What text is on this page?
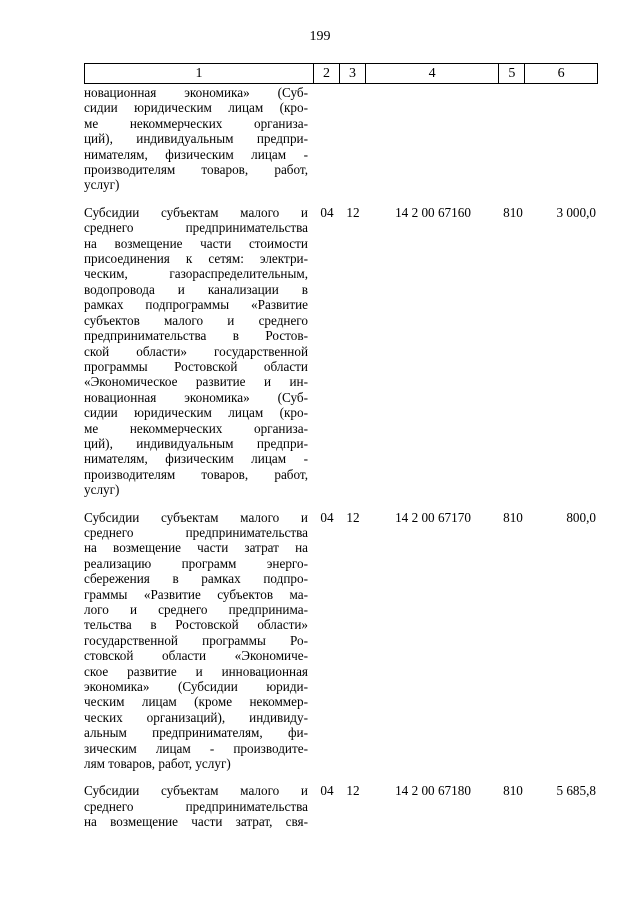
199
1	2	3	4	5	6
новационная экономика» (Суб-
сидии юридическим лицам (кро-
ме некоммерческих организа-
ций), индивидуальным предпри-
нимателям, физическим лицам -
производителям товаров, работ,
услуг)
Субсидии субъектам малого и
среднего предпринимательства
на возмещение части стоимости
присоединения к сетям: электри-
ческим, газораспределительным,
водопровода и канализации в
рамках подпрограммы «Развитие
субъектов малого и среднего
предпринимательства в Ростов-
ской области» государственной
программы Ростовской области
«Экономическое развитие и ин-
новационная экономика» (Суб-
сидии юридическим лицам (кро-
ме некоммерческих организа-
ций), индивидуальным предпри-
нимателям, физическим лицам -
производителям товаров, работ,
услуг)
04 12	14 2 00 67160	810	3 000,0
Субсидии субъектам малого и
среднего предпринимательства
на возмещение части затрат на
реализацию программ энерго-
сбережения в рамках подпро-
граммы «Развитие субъектов ма-
лого и среднего предпринима-
тельства в Ростовской области»
государственной программы Ро-
стовской области «Экономиче-
ское развитие и инновационная
экономика» (Субсидии юриди-
ческим лицам (кроме некоммер-
ческих организаций), индивиду-
альным предпринимателям, фи-
зическим лицам - производите-
лям товаров, работ, услуг)
04 12	14 2 00 67170	810	800,0
Субсидии субъектам малого и
среднего предпринимательства
на возмещение части затрат, свя-
04 12	14 2 00 67180	810	5 685,8
